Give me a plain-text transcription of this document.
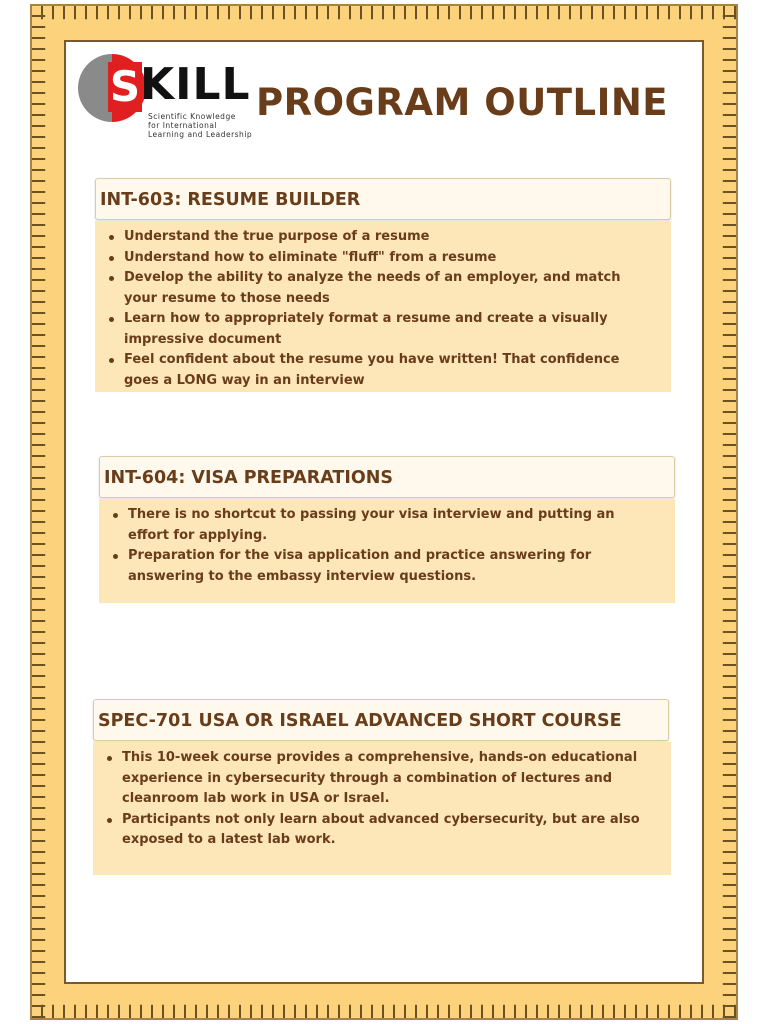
S KILL
Scientific Knowledge
for International
Learning and Leadership
PROGRAM OUTLINE
INT-603: RESUME BUILDER
Understand the true purpose of a resume
Understand how to eliminate "fluff" from a resume
Develop the ability to analyze the needs of an employer, and match your resume to those needs
Learn how to appropriately format a resume and create a visually impressive document
Feel confident about the resume you have written! That confidence goes a LONG way in an interview
INT-604: VISA PREPARATIONS
There is no shortcut to passing your visa interview and putting an effort for applying.
Preparation for the visa application and practice answering for answering to the embassy interview questions.
SPEC-701 USA OR ISRAEL ADVANCED SHORT COURSE
This 10-week course provides a comprehensive, hands-on educational experience in cybersecurity through a combination of lectures and cleanroom lab work in USA or Israel.
Participants not only learn about advanced cybersecurity, but are also exposed to a latest lab work.
